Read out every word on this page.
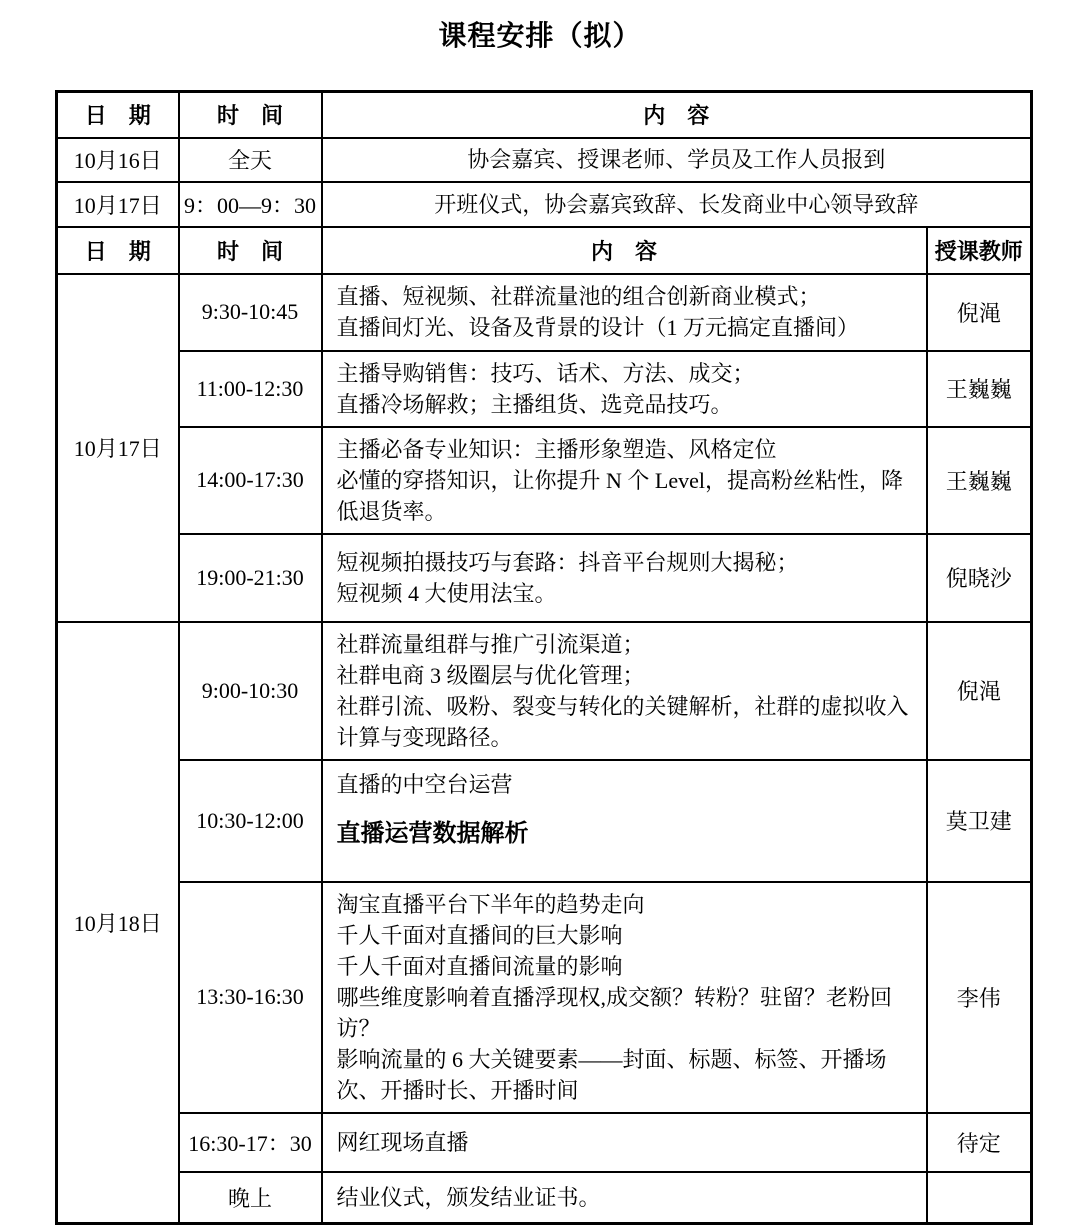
课程安排（拟）
日　期	时　间	内　容	
10月16日	全天	协会嘉宾、授课老师、学员及工作人员报到	
10月17日	9：00—9：30	开班仪式，协会嘉宾致辞、长发商业中心领导致辞	
日　期	时　间	内　容	授课教师
10月17日	9:30-10:45	直播、短视频、社群流量池的组合创新商业模式；
直播间灯光、设备及背景的设计（1 万元搞定直播间）	倪渑
	11:00-12:30	主播导购销售：技巧、话术、方法、成交；
直播冷场解救；主播组货、选竞品技巧。	王巍巍
	14:00-17:30	主播必备专业知识：主播形象塑造、风格定位
必懂的穿搭知识，让你提升 N 个 Level，提高粉丝粘性，降低退货率。	王巍巍
	19:00-21:30	短视频拍摄技巧与套路：抖音平台规则大揭秘；
短视频 4 大使用法宝。	倪晓沙
10月18日	9:00-10:30	社群流量组群与推广引流渠道；
社群电商 3 级圈层与优化管理；
社群引流、吸粉、裂变与转化的关键解析，社群的虚拟收入计算与变现路径。	倪渑
	10:30-12:00	直播的中空台运营
直播运营数据解析	莫卫建
	13:30-16:30	淘宝直播平台下半年的趋势走向
千人千面对直播间的巨大影响
千人千面对直播间流量的影响
哪些维度影响着直播浮现权,成交额？转粉？驻留？老粉回访？
影响流量的 6 大关键要素——封面、标题、标签、开播场次、开播时长、开播时间	李伟
	16:30-17：30	网红现场直播	待定
	晚上	结业仪式，颁发结业证书。	
